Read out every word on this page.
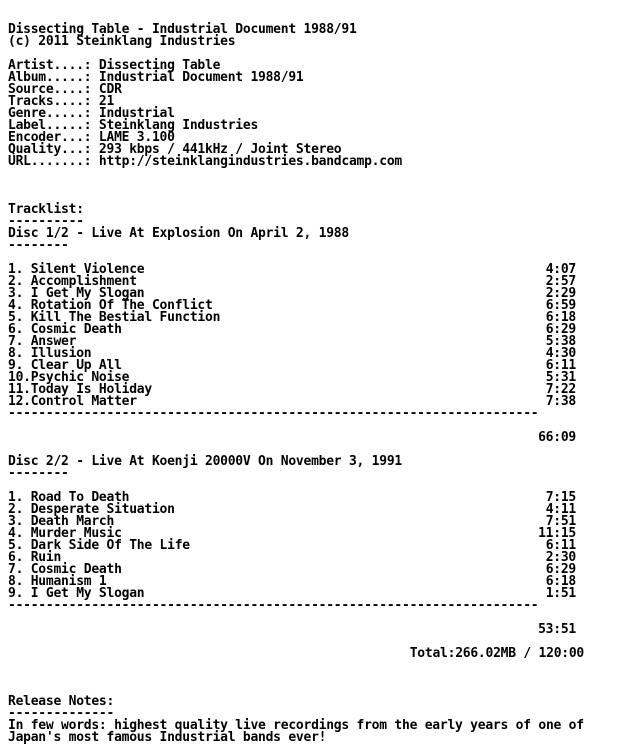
Dissecting Table - Industrial Document 1988/91
(c) 2011 Steinklang Industries
Artist....: Dissecting Table
Album.....: Industrial Document 1988/91
Source....: CDR
Tracks....: 21
Genre.....: Industrial
Label.....: Steinklang Industries
Encoder...: LAME 3.100
Quality...: 293 kbps / 441kHz / Joint Stereo
URL.......: http://steinklangindustries.bandcamp.com
Tracklist:
----------
Disc 1/2 - Live At Explosion On April 2, 1988
--------
1. Silent Violence	4:07
2. Accomplishment	2:57
3. I Get My Slogan	2:29
4. Rotation Of The Conflict	6:59
5. Kill The Bestial Function	6:18
6. Cosmic Death	6:29
7. Answer	5:38
8. Illusion	4:30
9. Clear Up All	6:11
10.Psychic Noise	5:31
11.Today Is Holiday	7:22
12.Control Matter	7:38
----------------------------------------------------------------------
66:09
Disc 2/2 - Live At Koenji 20000V On November 3, 1991
--------
1. Road To Death	7:15
2. Desperate Situation	4:11
3. Death March	7:51
4. Murder Music	11:15
5. Dark Side Of The Life	6:11
6. Ruin	2:30
7. Cosmic Death	6:29
8. Humanism 1	6:18
9. I Get My Slogan	1:51
----------------------------------------------------------------------
53:51
Total:266.02MB / 120:00
Release Notes:
--------------
In few words: highest quality live recordings from the early years of one of
Japan's most famous Industrial bands ever!
